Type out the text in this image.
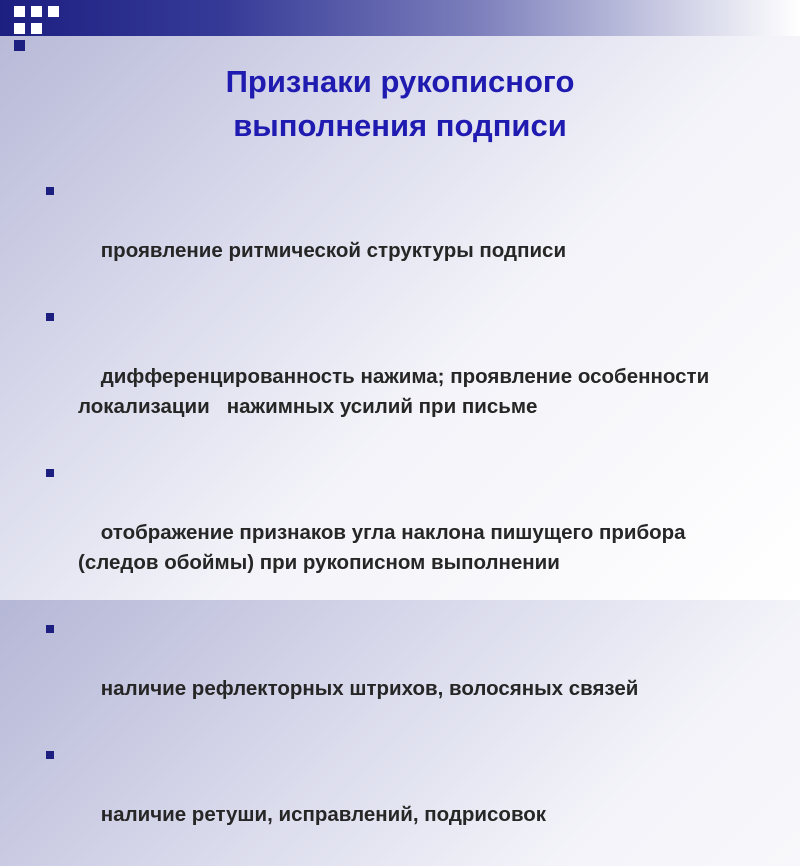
Признаки рукописного
выполнения подписи

проявление ритмической структуры подписи

дифференцированность нажима; проявление особенности локализации   нажимных усилий при письме

отображение признаков угла наклона пишущего прибора (следов обоймы) при рукописном выполнении

наличие рефлекторных штрихов, волосяных связей

наличие ретуши, исправлений, подрисовок
